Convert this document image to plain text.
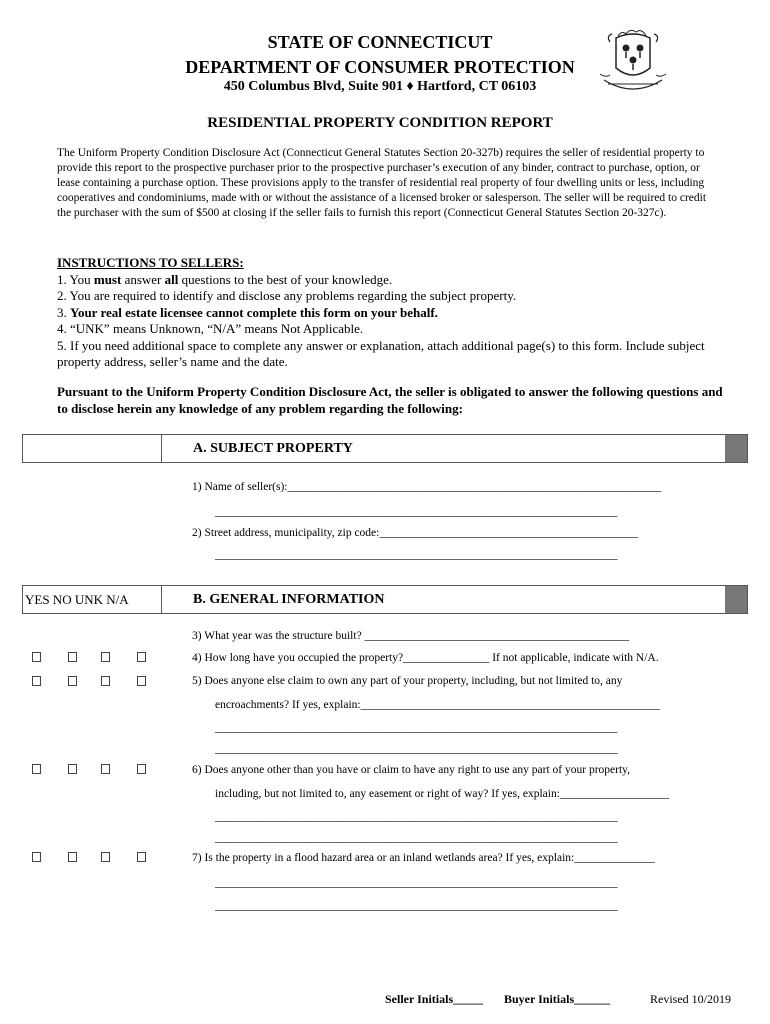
STATE OF CONNECTICUT
DEPARTMENT OF CONSUMER PROTECTION
450 Columbus Blvd, Suite 901 ♦ Hartford, CT 06103
RESIDENTIAL PROPERTY CONDITION REPORT
The Uniform Property Condition Disclosure Act (Connecticut General Statutes Section 20-327b) requires the seller of residential property to provide this report to the prospective purchaser prior to the prospective purchaser’s execution of any binder, contract to purchase, option, or lease containing a purchase option. These provisions apply to the transfer of residential real property of four dwelling units or less, including cooperatives and condominiums, made with or without the assistance of a licensed broker or salesperson. The seller will be required to credit the purchaser with the sum of $500 at closing if the seller fails to furnish this report (Connecticut General Statutes Section 20-327c).
INSTRUCTIONS TO SELLERS:
1. You must answer all questions to the best of your knowledge.
2. You are required to identify and disclose any problems regarding the subject property.
3. Your real estate licensee cannot complete this form on your behalf.
4. “UNK” means Unknown, “N/A” means Not Applicable.
5. If you need additional space to complete any answer or explanation, attach additional page(s) to this form. Include subject property address, seller’s name and the date.
Pursuant to the Uniform Property Condition Disclosure Act, the seller is obligated to answer the following questions and to disclose herein any knowledge of any problem regarding the following:
A. SUBJECT PROPERTY
1) Name of seller(s):_________________________________________________________________
______________________________________________________________________
2) Street address, municipality, zip code:_____________________________________________
______________________________________________________________________
YES NO UNK N/A	B. GENERAL INFORMATION
3) What year was the structure built? ______________________________________________
4) How long have you occupied the property?_______________ If not applicable, indicate with N/A.
5) Does anyone else claim to own any part of your property, including, but not limited to, any
encroachments? If yes, explain:____________________________________________________
______________________________________________________________________
______________________________________________________________________
6) Does anyone other than you have or claim to have any right to use any part of your property,
including, but not limited to, any easement or right of way? If yes, explain:___________________
______________________________________________________________________
______________________________________________________________________
7) Is the property in a flood hazard area or an inland wetlands area? If yes, explain:______________
______________________________________________________________________
______________________________________________________________________
Seller Initials_____ Buyer Initials______	Revised 10/2019
